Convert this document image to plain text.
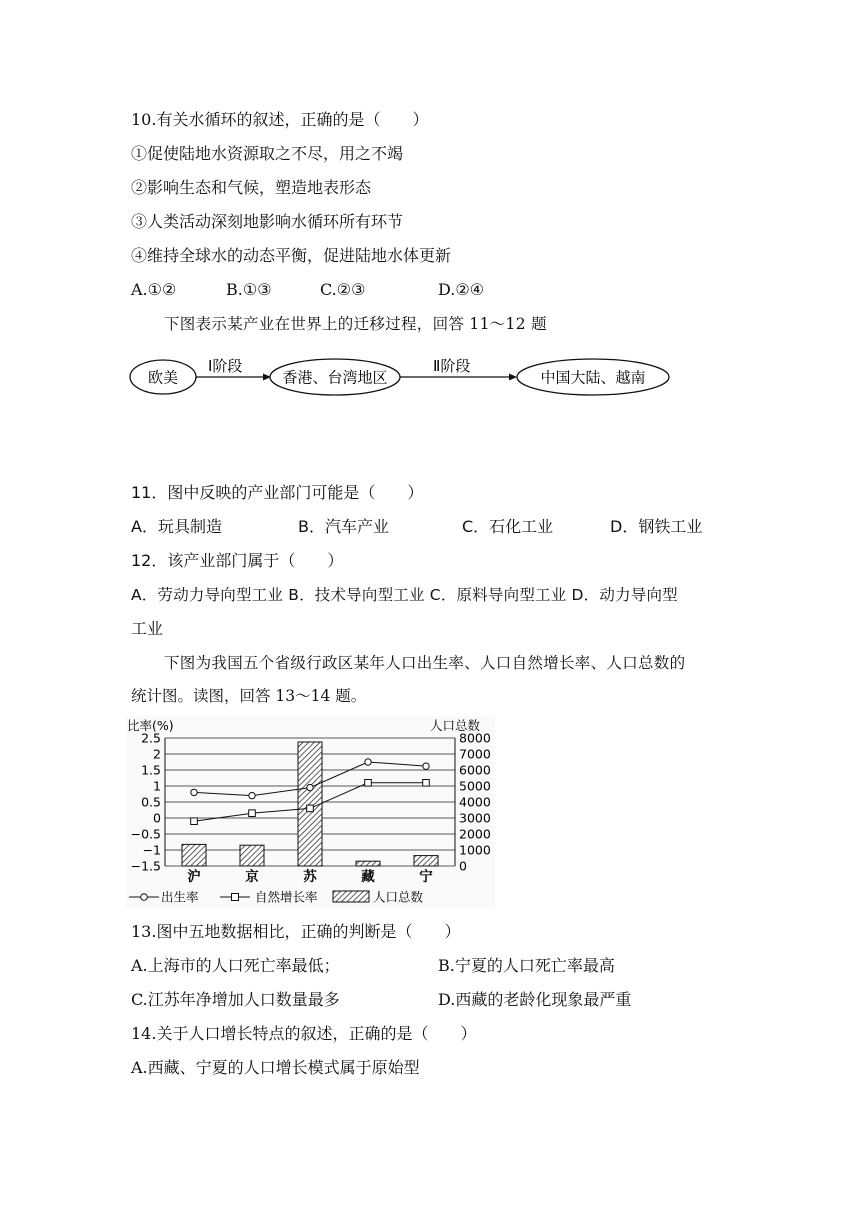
10.有关水循环的叙述，正确的是（　　）
①促使陆地水资源取之不尽，用之不竭
②影响生态和气候，塑造地表形态
③人类活动深刻地影响水循环所有环节
④维持全球水的动态平衡，促进陆地水体更新
A.①②	B.①③	C.②③	D.②④
下图表示某产业在世界上的迁移过程，回答 11～12 题
欧美
Ⅰ阶段
香港、台湾地区
Ⅱ阶段
中国大陆、越南
11．图中反映的产业部门可能是（　　）
A．玩具制造	B．汽车产业	C．石化工业	D．钢铁工业
12．该产业部门属于（　　）
A．劳动力导向型工业 B．技术导向型工业 C．原料导向型工业 D．动力导向型
工业
下图为我国五个省级行政区某年人口出生率、人口自然增长率、人口总数的
统计图。读图，回答 13～14 题。
比率(%)	人口总数
2.5	8000
2	7000
1.5	6000
1	5000
0.5	4000
0	3000
−0.5	2000
−1	1000
−1.5	0
沪	京	苏	藏	宁
出生率	自然增长率	人口总数
13.图中五地数据相比，正确的判断是（　　）
A.上海市的人口死亡率最低；	B.宁夏的人口死亡率最高
C.江苏年净增加人口数量最多	D.西藏的老龄化现象最严重
14.关于人口增长特点的叙述，正确的是（　　）
A.西藏、宁夏的人口增长模式属于原始型
